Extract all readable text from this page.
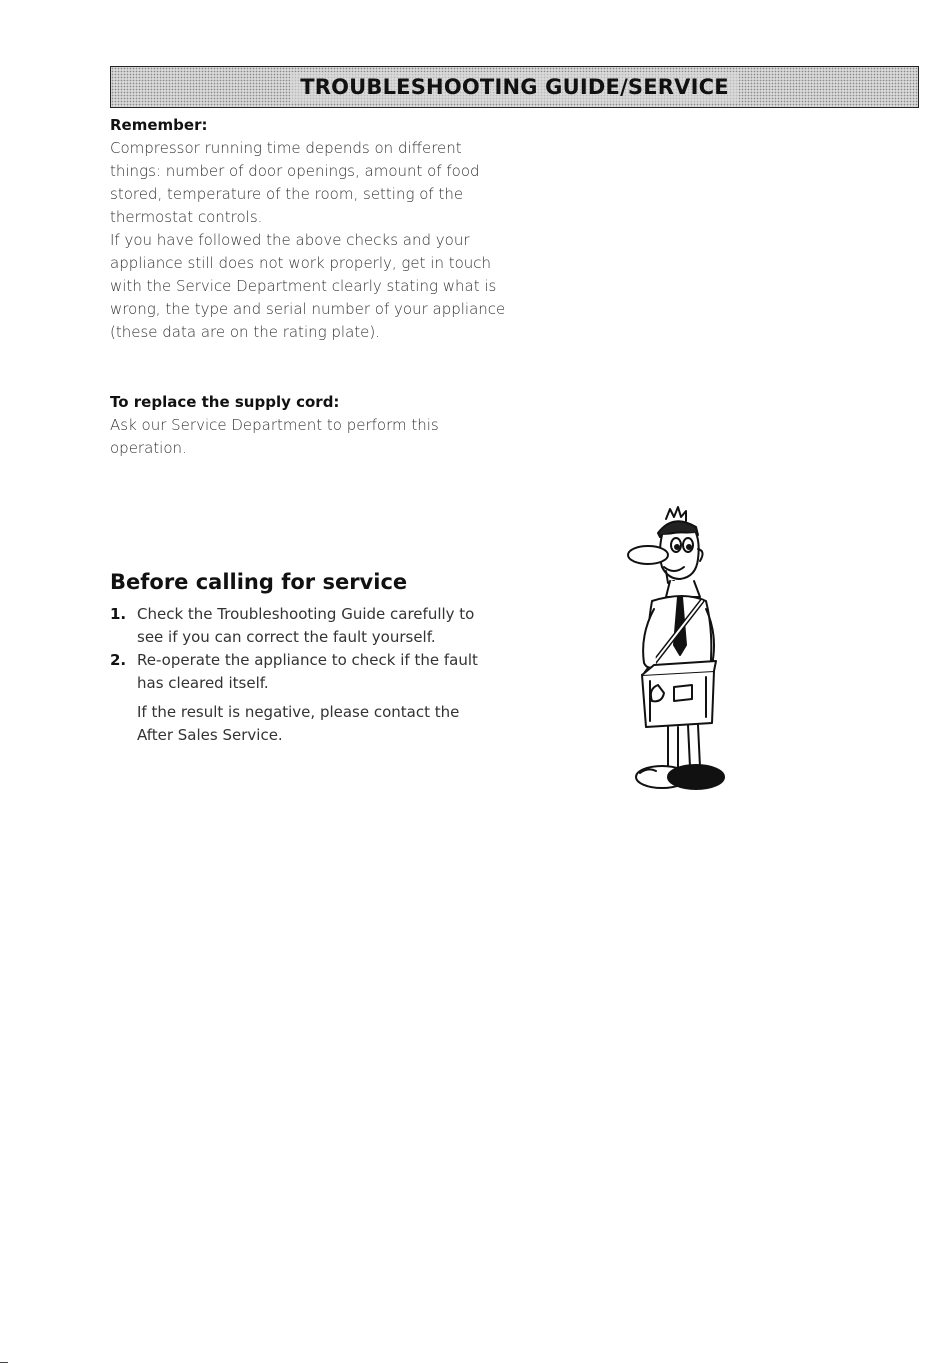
TROUBLESHOOTING GUIDE/SERVICE

Remember:

Compressor running time depends on different things: number of door openings, amount of food stored, temperature of the room, setting of the thermostat controls.

If you have followed the above checks and your appliance still does not work properly, get in touch with the Service Department clearly stating what is wrong, the type and serial number of your appliance (these data are on the rating plate).

To replace the supply cord:

Ask our Service Department to perform this operation.

Before calling for service
1. Check the Troubleshooting Guide carefully to see if you can correct the fault yourself.
2. Re-operate the appliance to check if the fault has cleared itself.

If the result is negative, please contact the After Sales Service.
